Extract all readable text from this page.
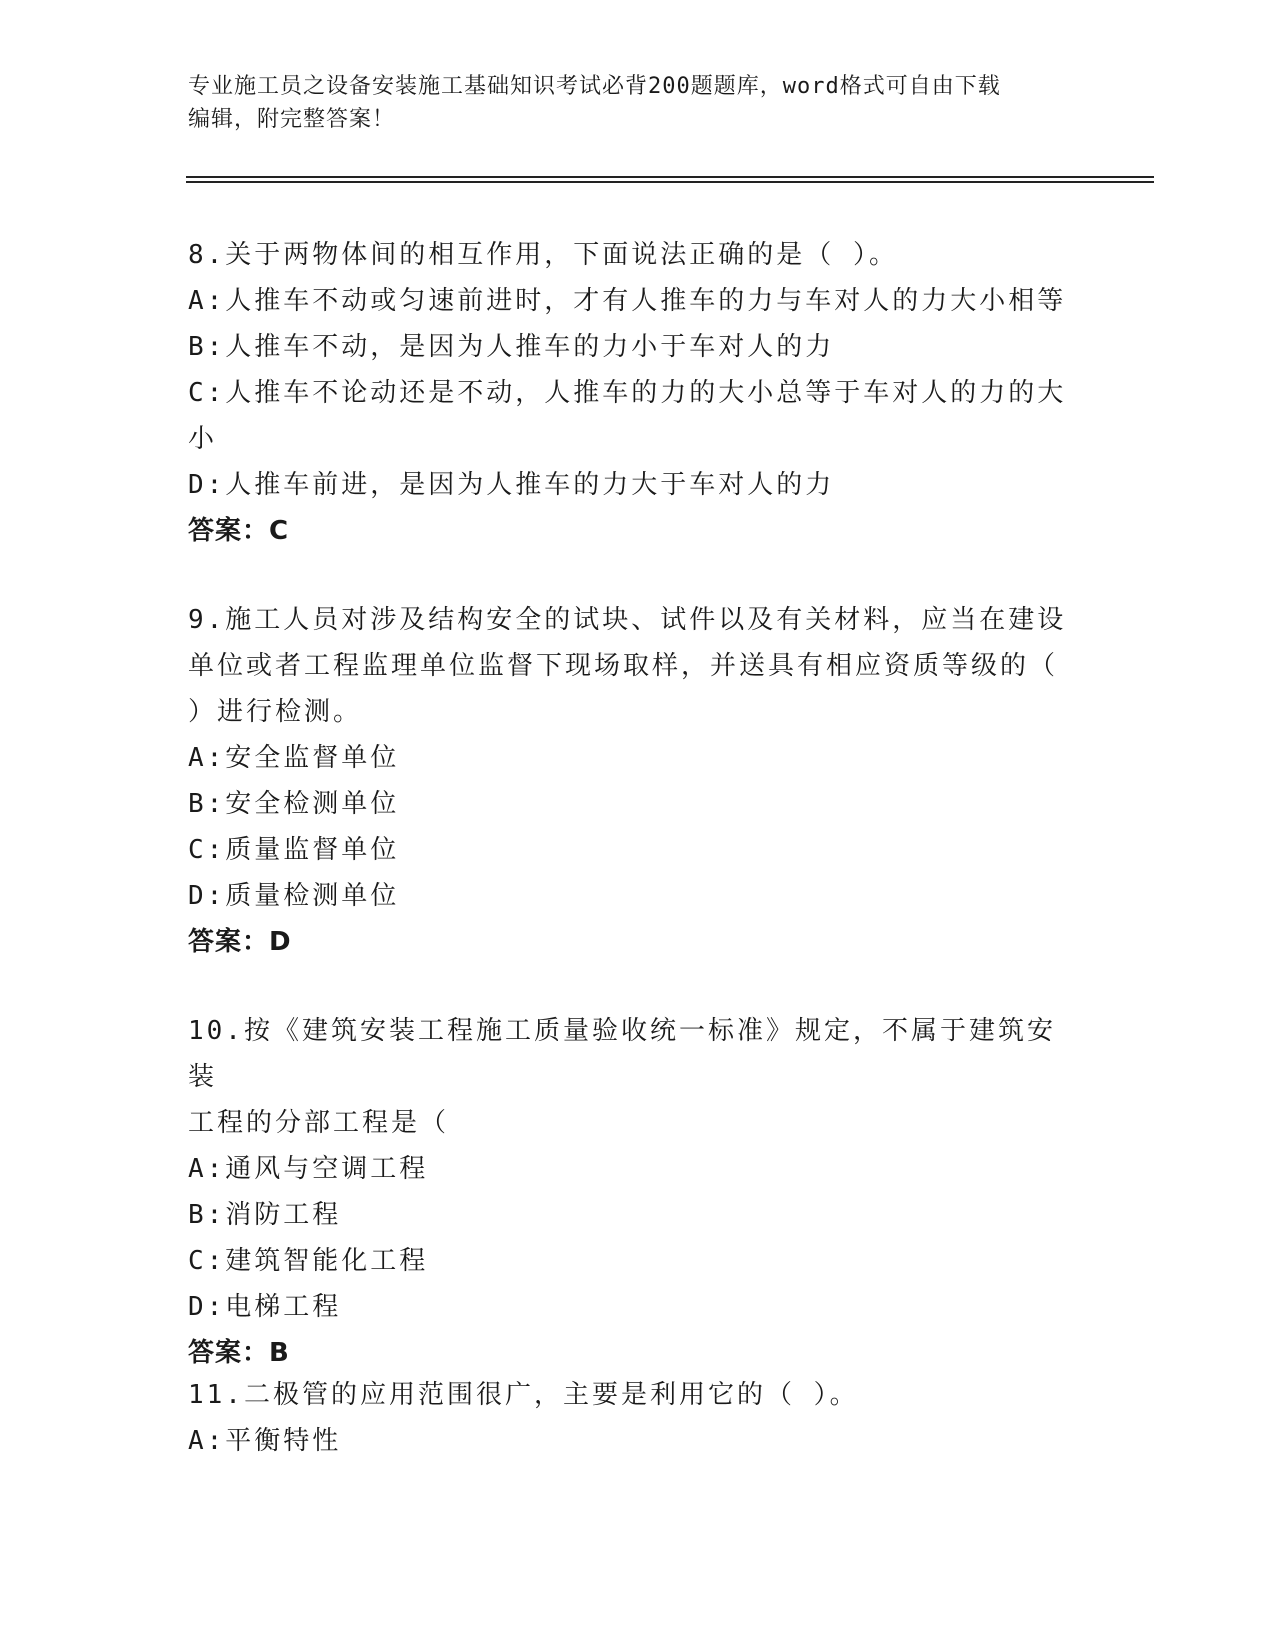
专业施工员之设备安装施工基础知识考试必背200题题库，word格式可自由下载
编辑，附完整答案！

8.关于两物体间的相互作用，下面说法正确的是（ ）。

A:人推车不动或匀速前进时，才有人推车的力与车对人的力大小相等

B:人推车不动，是因为人推车的力小于车对人的力

C:人推车不论动还是不动，人推车的力的大小总等于车对人的力的大

小

D:人推车前进，是因为人推车的力大于车对人的力

答案：C

9.施工人员对涉及结构安全的试块、试件以及有关材料，应当在建设

单位或者工程监理单位监督下现场取样，并送具有相应资质等级的（

）进行检测。

A:安全监督单位

B:安全检测单位

C:质量监督单位

D:质量检测单位

答案：D

10.按《建筑安装工程施工质量验收统一标准》规定，不属于建筑安装

工程的分部工程是（

A:通风与空调工程

B:消防工程

C:建筑智能化工程

D:电梯工程

答案：B

11.二极管的应用范围很广，主要是利用它的（ ）。

A:平衡特性
